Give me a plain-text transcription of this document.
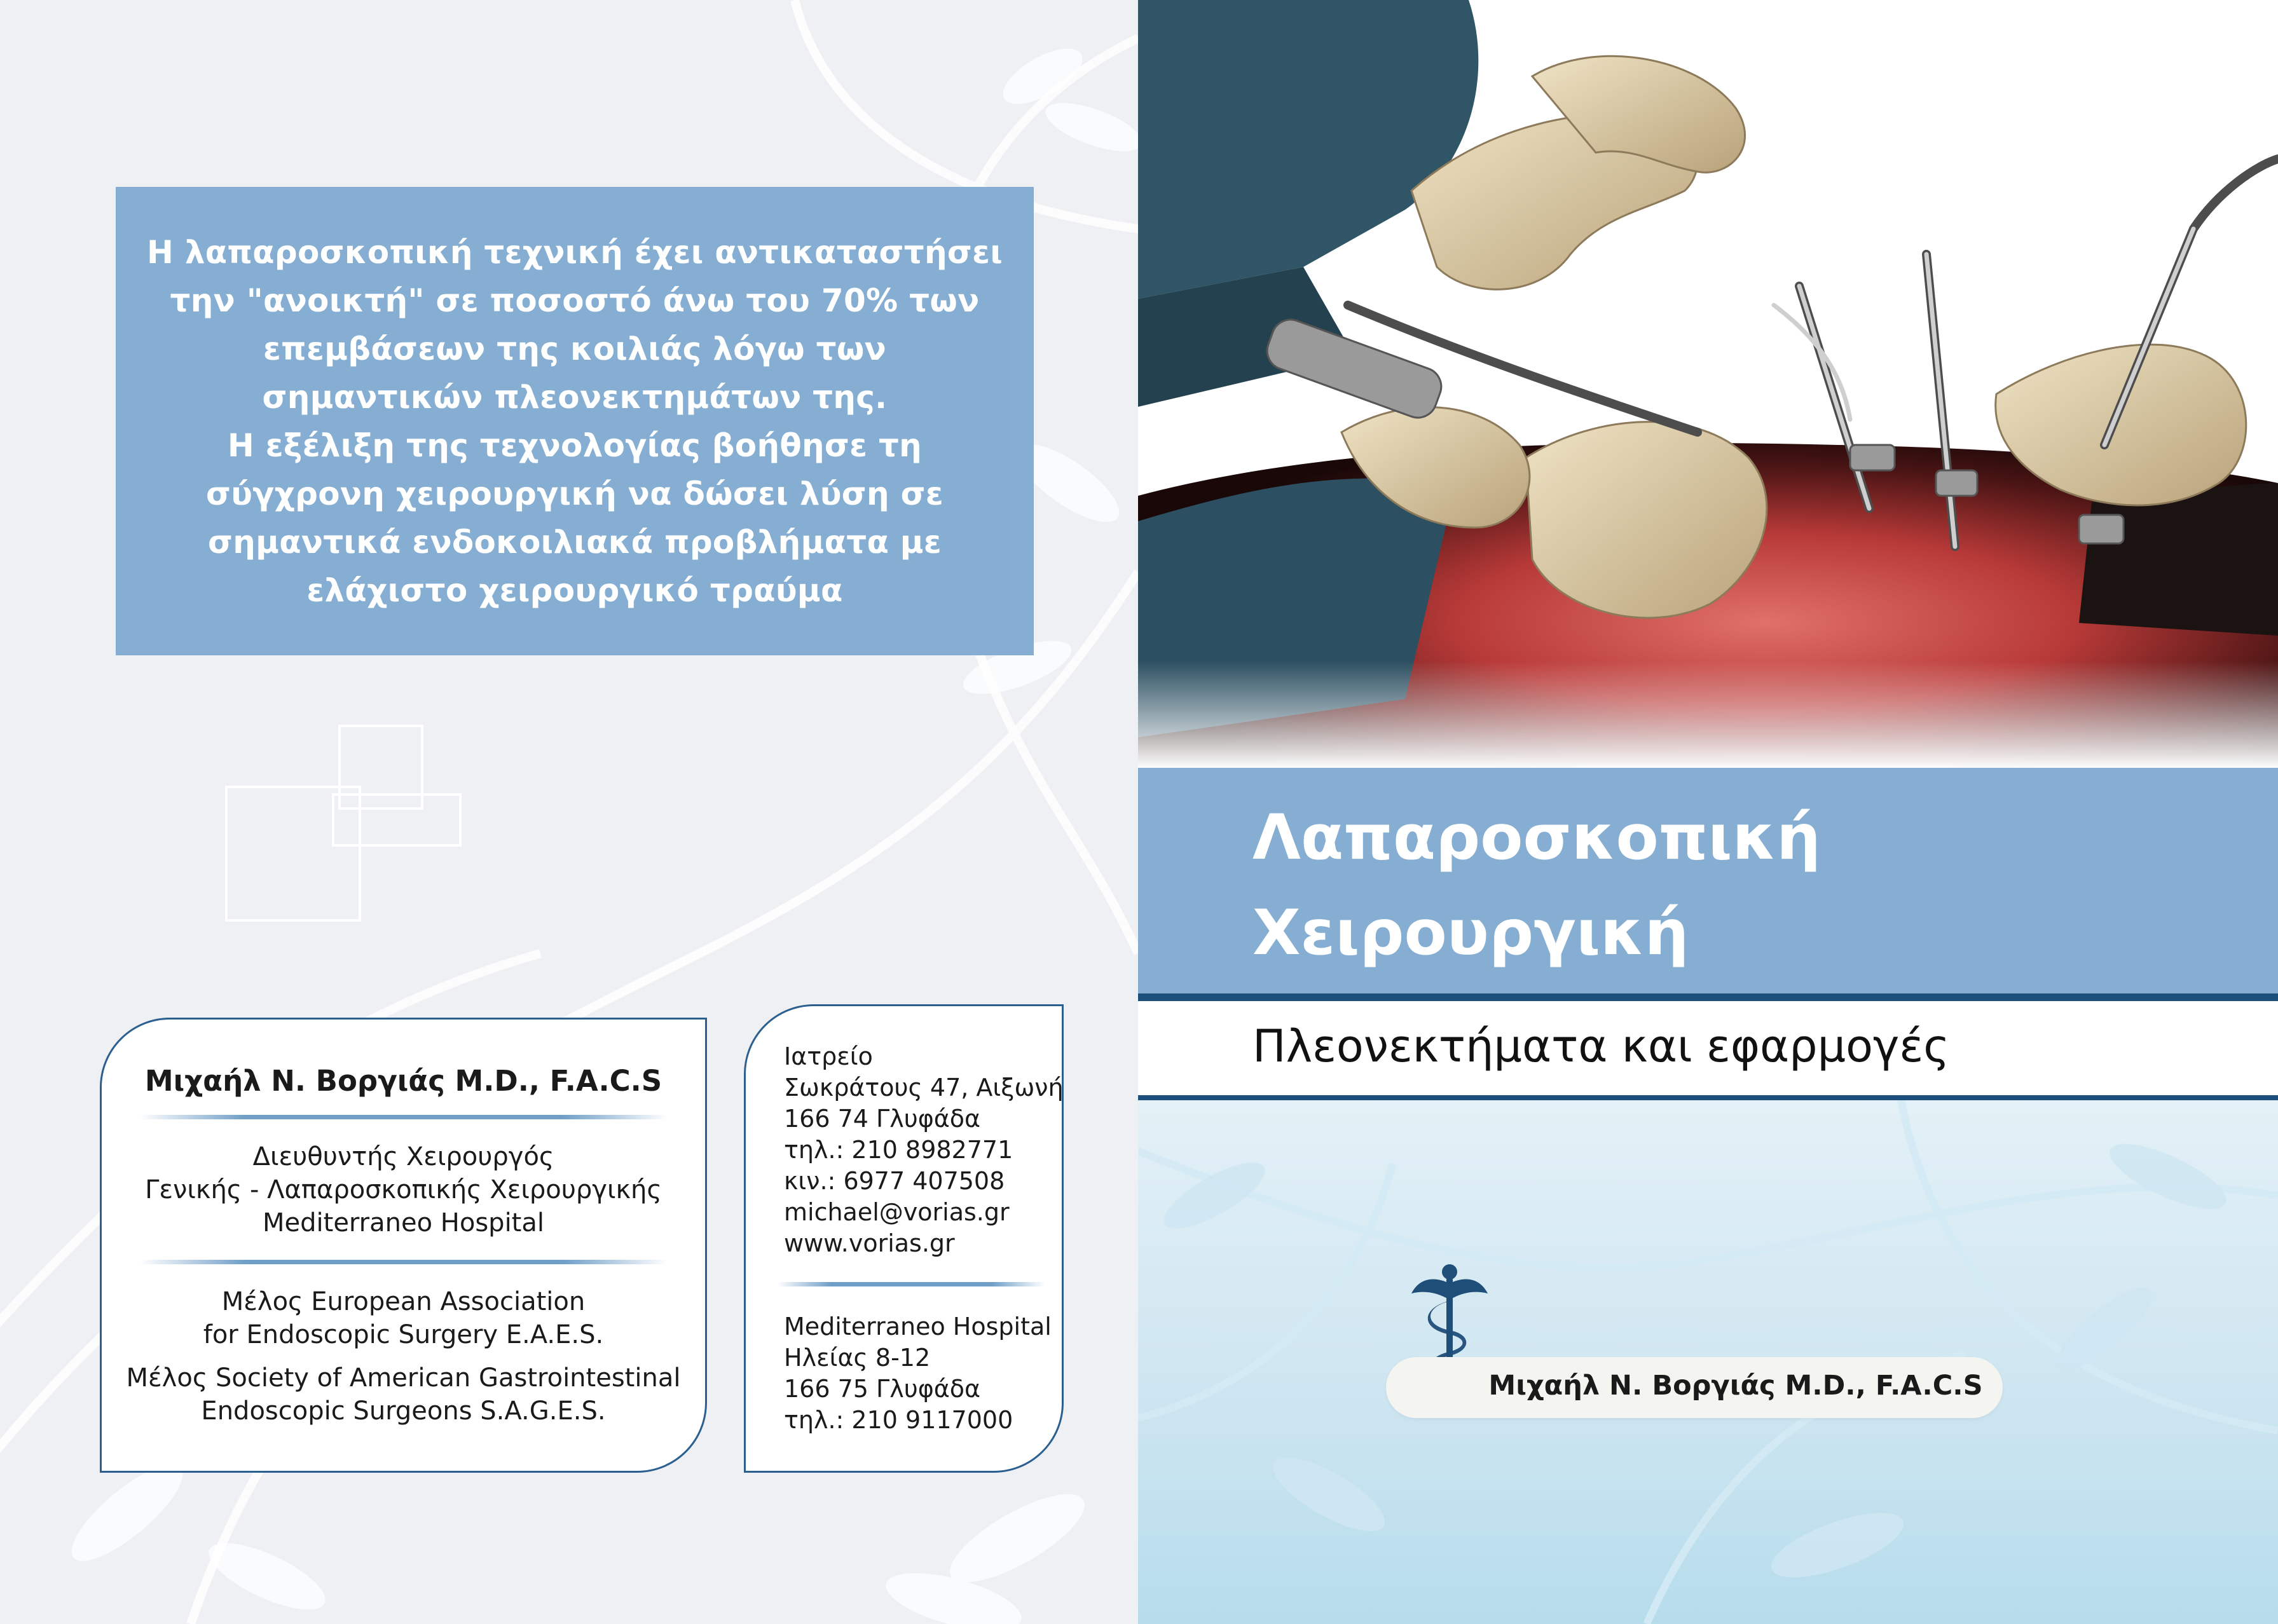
Η λαπαροσκοπική τεχνική έχει αντικαταστήσει
την "ανοικτή" σε ποσοστό άνω του 70% των
επεμβάσεων της κοιλιάς λόγω των
σημαντικών πλεονεκτημάτων της.
Η εξέλιξη της τεχνολογίας βοήθησε τη
σύγχρονη χειρουργική να δώσει λύση σε
σημαντικά ενδοκοιλιακά προβλήματα με
ελάχιστο χειρουργικό τραύμα
Μιχαήλ Ν. Βοργιάς M.D., F.A.C.S
Διευθυντής Χειρουργός
Γενικής - Λαπαροσκοπικής Χειρουργικής
Mediterraneo Hospital
Μέλος European Association
for Endoscopic Surgery E.A.E.S.
Μέλος Society of American Gastrointestinal
Endoscopic Surgeons S.A.G.E.S.
Ιατρείο
Σωκράτους 47, Αιξωνή
166 74 Γλυφάδα
τηλ.: 210 8982771
κιν.: 6977 407508
michael@vorias.gr
www.vorias.gr
Mediterraneo Hospital
Ηλείας 8-12
166 75 Γλυφάδα
τηλ.: 210 9117000
Λαπαροσκοπική
Χειρουργική
Πλεονεκτήματα και εφαρμογές
Μιχαήλ Ν. Βοργιάς M.D., F.A.C.S
